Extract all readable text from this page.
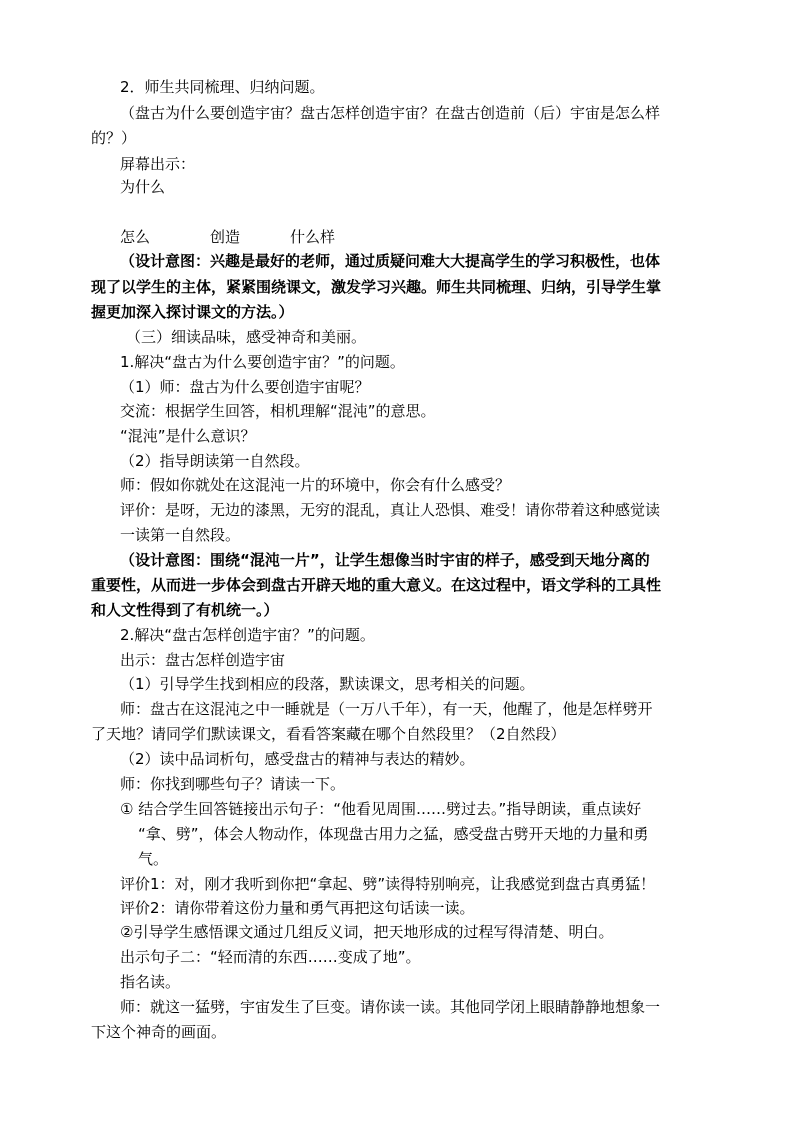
2．师生共同梳理、归纳问题。
（盘古为什么要创造宇宙？盘古怎样创造宇宙？在盘古创造前（后）宇宙是怎么样
的？）
屏幕出示：
为什么
怎么	创造	什么样
（设计意图：兴趣是最好的老师，通过质疑问难大大提高学生的学习积极性，也体
现了以学生的主体，紧紧围绕课文，激发学习兴趣。师生共同梳理、归纳，引导学生掌
握更加深入探讨课文的方法。）
（三）细读品味，感受神奇和美丽。
1.解决“盘古为什么要创造宇宙？”的问题。
（1）师：盘古为什么要创造宇宙呢？
交流：根据学生回答，相机理解“混沌”的意思。
“混沌”是什么意识？
（2）指导朗读第一自然段。
师：假如你就处在这混沌一片的环境中，你会有什么感受？
评价：是呀，无边的漆黑，无穷的混乱，真让人恐惧、难受！请你带着这种感觉读
一读第一自然段。
（设计意图：围绕“混沌一片”，让学生想像当时宇宙的样子，感受到天地分离的
重要性，从而进一步体会到盘古开辟天地的重大意义。在这过程中，语文学科的工具性
和人文性得到了有机统一。）
2.解决“盘古怎样创造宇宙？”的问题。
出示：盘古怎样创造宇宙
（1）引导学生找到相应的段落，默读课文，思考相关的问题。
师：盘古在这混沌之中一睡就是（一万八千年），有一天，他醒了，他是怎样劈开
了天地？请同学们默读课文，看看答案藏在哪个自然段里？（2自然段）
（2）读中品词析句，感受盘古的精神与表达的精妙。
师：你找到哪些句子？请读一下。
① 结合学生回答链接出示句子：“他看见周围……劈过去。”指导朗读，重点读好
“拿、劈”，体会人物动作，体现盘古用力之猛，感受盘古劈开天地的力量和勇
气。
评价1：对，刚才我听到你把“拿起、劈”读得特别响亮，让我感觉到盘古真勇猛！
评价2：请你带着这份力量和勇气再把这句话读一读。
②引导学生感悟课文通过几组反义词，把天地形成的过程写得清楚、明白。
出示句子二：“轻而清的东西……变成了地”。
指名读。
师：就这一猛劈，宇宙发生了巨变。请你读一读。其他同学闭上眼睛静静地想象一
下这个神奇的画面。
